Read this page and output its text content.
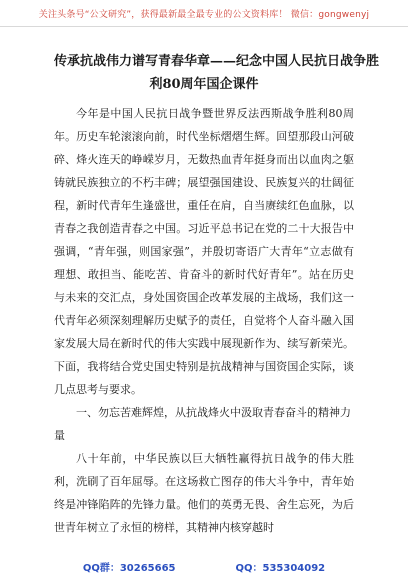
关注头条号“公文研究”，获得最新最全最专业的公文资料库！ 微信：gongwenyj
传承抗战伟力谱写青春华章——纪念中国人民抗日战争胜
利80周年国企课件

今年是中国人民抗日战争暨世界反法西斯战争胜利80周年。历史车轮滚滚向前，时代坐标熠熠生辉。回望那段山河破碎、烽火连天的峥嵘岁月，无数热血青年挺身而出以血肉之躯铸就民族独立的不朽丰碑；展望强国建设、民族复兴的壮阔征程，新时代青年生逢盛世，重任在肩，自当赓续红色血脉，以青春之我创造青春之中国。习近平总书记在党的二十大报告中强调，“青年强，则国家强”，并殷切寄语广大青年“立志做有理想、敢担当、能吃苦、肯奋斗的新时代好青年”。站在历史与未来的交汇点，身处国资国企改革发展的主战场，我们这一代青年必须深刻理解历史赋予的责任，自觉将个人奋斗融入国家发展大局在新时代的伟大实践中展现新作为、续写新荣光。下面，我将结合党史国史特别是抗战精神与国资国企实际，谈几点思考与要求。

一、勿忘苦难辉煌，从抗战烽火中汲取青春奋斗的精神力量

八十年前，中华民族以巨大牺牲赢得抗日战争的伟大胜利，洗刷了百年屈辱。在这场救亡图存的伟大斗争中，青年始终是冲锋陷阵的先锋力量。他们的英勇无畏、舍生忘死，为后世青年树立了永恒的榜样，其精神内核穿越时

QQ群：30265665	QQ：535304092
